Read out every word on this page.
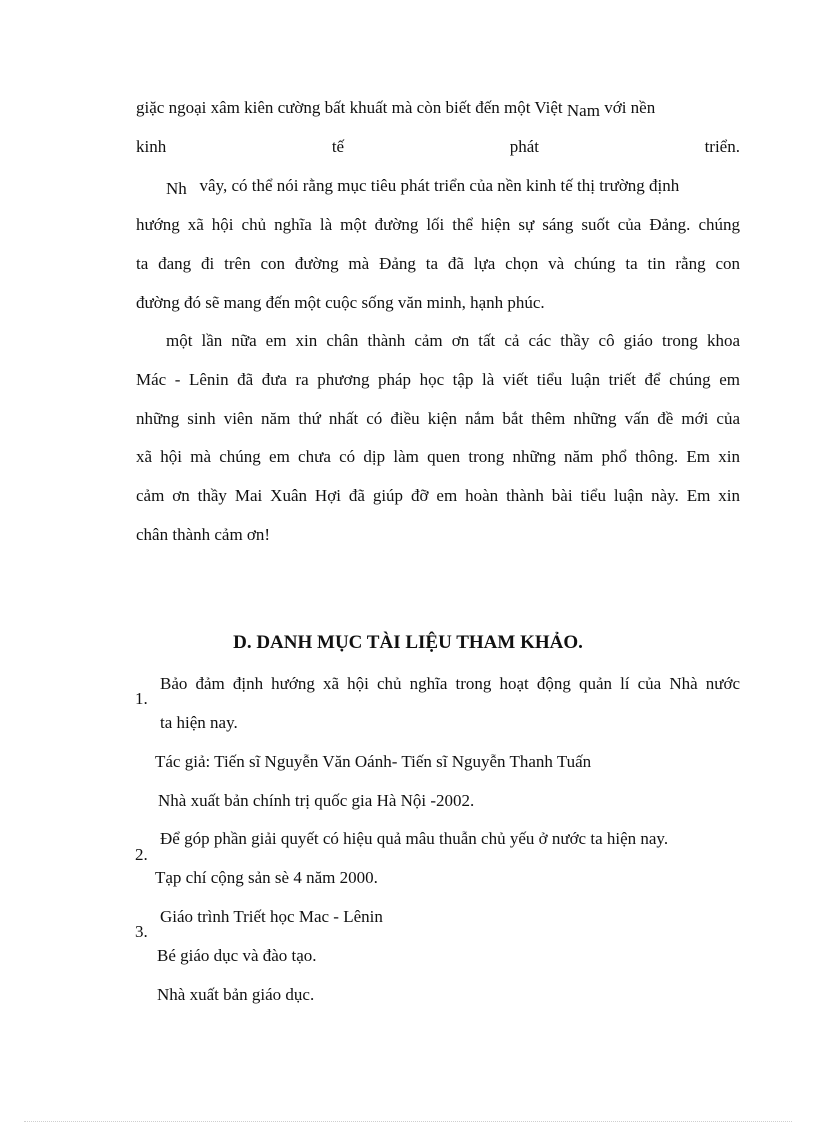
giặc ngoại xâm kiên cường bất khuất mà còn biết đến một Việt Nam với nền
kinh	tế	phát	triển.
Nh vây, có thể nói rằng mục tiêu phát triển của nền kinh tế thị trường định
hướng xã hội chủ nghĩa là một đường lối thể hiện sự sáng suốt của Đảng. chúng
ta đang đi trên con đường mà Đảng ta đã lựa chọn và chúng ta tin rằng con
đường đó sẽ mang đến một cuộc sống văn minh, hạnh phúc.
một lần nữa em xin chân thành cảm ơn tất cả các thầy cô giáo trong khoa
Mác - Lênin đã đưa ra phương pháp học tập là viết tiểu luận triết để chúng em
những sinh viên năm thứ nhất có điều kiện nắm bắt thêm những vấn đề mới của
xã hội mà chúng em chưa có dịp làm quen trong những năm phổ thông. Em xin
cảm ơn thầy Mai Xuân Hợi đã giúp đỡ em hoàn thành bài tiểu luận này. Em xin
chân thành cảm ơn!
D. DANH MỤC TÀI LIỆU THAM KHẢO.
1.
Bảo đảm định hướng xã hội chủ nghĩa trong hoạt động quản lí của Nhà nước
ta hiện nay.
Tác giả: Tiến sĩ Nguyễn Văn Oánh- Tiến sĩ Nguyễn Thanh Tuấn
Nhà xuất bản chính trị quốc gia Hà Nội -2002.
2.
Để góp phần giải quyết có hiệu quả mâu thuẫn chủ yếu ở nước ta hiện nay.
Tạp chí cộng sản sè 4 năm 2000.
3.
Giáo trình Triết học Mac - Lênin
Bé giáo dục và đào tạo.
Nhà xuất bản giáo dục.
